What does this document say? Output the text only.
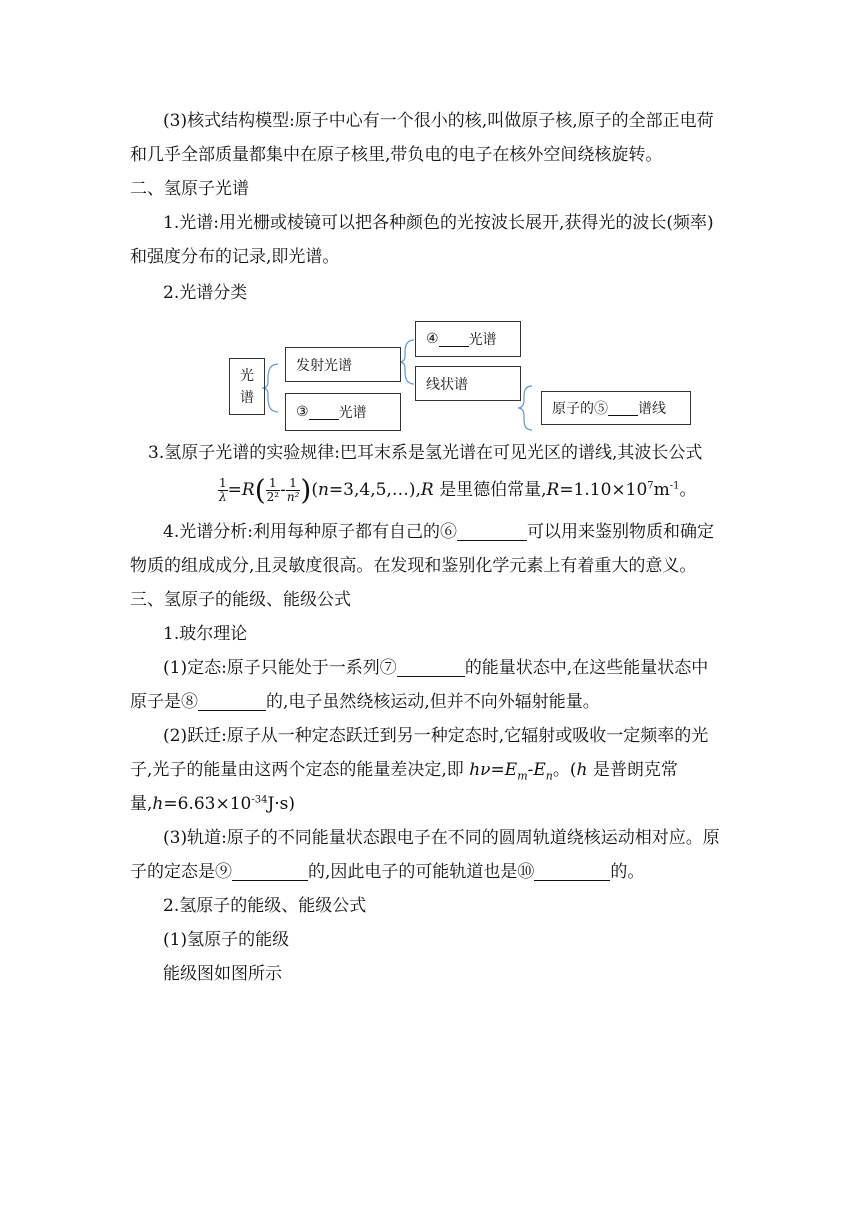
(3)核式结构模型:原子中心有一个很小的核,叫做原子核,原子的全部正电荷

和几乎全部质量都集中在原子核里,带负电的电子在核外空间绕核旋转。

二、氢原子光谱

1.光谱:用光栅或棱镜可以把各种颜色的光按波长展开,获得光的波长(频率)

和强度分布的记录,即光谱。

2.光谱分类

光
谱
发射光谱
③ 光谱
④ 光谱
线状谱
原子的⑤ 谱线

3.氢原子光谱的实验规律:巴耳末系是氢光谱在可见光区的谱线,其波长公式

$\frac{1}{\lambda} =R( \frac{1}{\text{2²}} - \frac{1}{\text{n²}}$ )(n=3,4,5,…),R 是里德伯常量$,R=1.10\times 10^7m^{-1}$。

4.光谱分析:利用每种原子都有自己的⑥	可以用来鉴别物质和确定

物质的组成成分,且灵敏度很高。在发现和鉴别化学元素上有着重大的意义。

三、氢原子的能级、能级公式

1.玻尔理论

(1)定态:原子只能处于一系列⑦	的能量状态中,在这些能量状态中

原子是⑧	的,电子虽然绕核运动,但并不向外辐射能量。

(2)跃迁:原子从一种定态跃迁到另一种定态时,它辐射或吸收一定频率的光

子,光子的能量由这两个定态的能量差决定,即 $h\nu=E_m-E_n$。(h 是普朗克常

量$,h=6.63\times 10^{-34}J\cdot s$)

(3)轨道:原子的不同能量状态跟电子在不同的圆周轨道绕核运动相对应。原

子的定态是⑨	的,因此电子的可能轨道也是⑩	的。

2.氢原子的能级、能级公式

(1)氢原子的能级

能级图如图所示
